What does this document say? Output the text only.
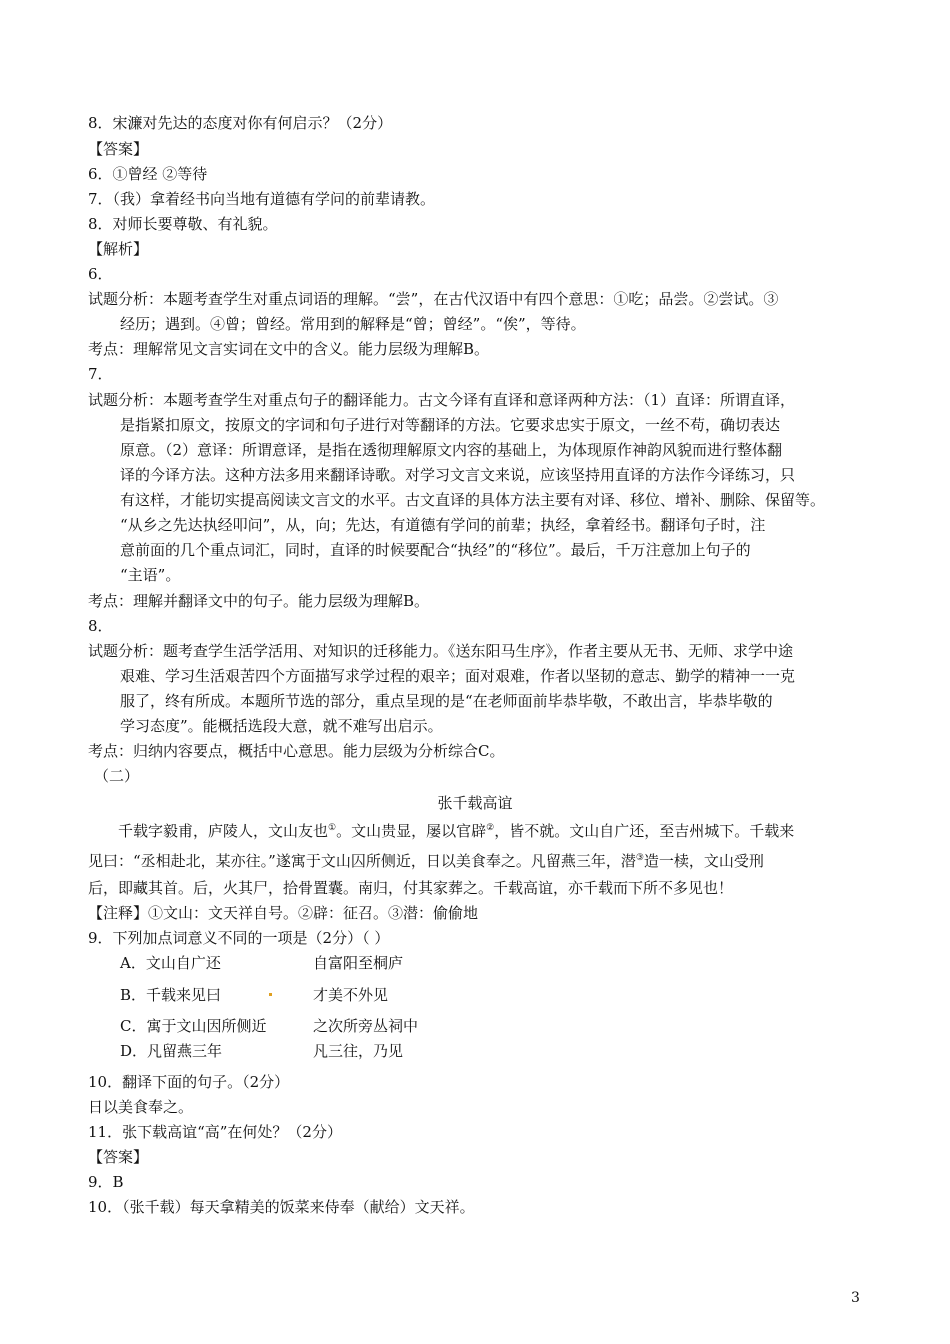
8．宋濂对先达的态度对你有何启示？（2分）
【答案】
6．①曾经 ②等待
7．（我）拿着经书向当地有道德有学问的前辈请教。
8．对师长要尊敬、有礼貌。
【解析】
6．
试题分析：本题考查学生对重点词语的理解。“尝”，在古代汉语中有四个意思：①吃；品尝。②尝试。③
经历；遇到。④曾；曾经。常用到的解释是“曾；曾经”。“俟”，等待。
考点：理解常见文言实词在文中的含义。能力层级为理解B。
7．
试题分析：本题考查学生对重点句子的翻译能力。古文今译有直译和意译两种方法：（1）直译：所谓直译，
是指紧扣原文，按原文的字词和句子进行对等翻译的方法。它要求忠实于原文，一丝不苟，确切表达
原意。（2）意译：所谓意译，是指在透彻理解原文内容的基础上，为体现原作神韵风貌而进行整体翻
译的今译方法。这种方法多用来翻译诗歌。对学习文言文来说，应该坚持用直译的方法作今译练习，只
有这样，才能切实提高阅读文言文的水平。古文直译的具体方法主要有对译、移位、增补、删除、保留等。
“从乡之先达执经叩问”，从，向；先达，有道德有学问的前辈；执经，拿着经书。翻译句子时，注
意前面的几个重点词汇，同时，直译的时候要配合“执经”的“移位”。最后，千万注意加上句子的
“主语”。
考点：理解并翻译文中的句子。能力层级为理解B。
8．
试题分析：题考查学生活学活用、对知识的迁移能力。《送东阳马生序》，作者主要从无书、无师、求学中途
艰难、学习生活艰苦四个方面描写求学过程的艰辛；面对艰难，作者以坚韧的意志、勤学的精神一一克
服了，终有所成。本题所节选的部分，重点呈现的是“在老师面前毕恭毕敬，不敢出言，毕恭毕敬的
学习态度”。能概括选段大意，就不难写出启示。
考点：归纳内容要点，概括中心意思。能力层级为分析综合C。
（二）
张千载高谊
千载字毅甫，庐陵人，文山友也①。文山贵显，屡以官辟②，皆不就。文山自广还，至吉州城下。千载来
见曰：“丞相赴北，某亦往。”遂寓于文山囚所侧近，日以美食奉之。凡留燕三年，潜③造一椟，文山受刑
后，即藏其首。后，火其尸，拾骨置囊。南归，付其家葬之。千载高谊，亦千载而下所不多见也！
【注释】①文山：文天祥自号。②辟：征召。③潜：偷偷地
9．下列加点词意义不同的一项是（2分）（ ）
A．文山自广还	自富阳至桐庐
B．千载来见曰	才美不外见
C．寓于文山因所侧近	之次所旁丛祠中
D．凡留燕三年	凡三往，乃见
10．翻译下面的句子。（2分）
日以美食奉之。
11．张下载高谊“高”在何处？（2分）
【答案】
9．B
10．（张千载）每天拿精美的饭菜来侍奉（献给）文天祥。
3
